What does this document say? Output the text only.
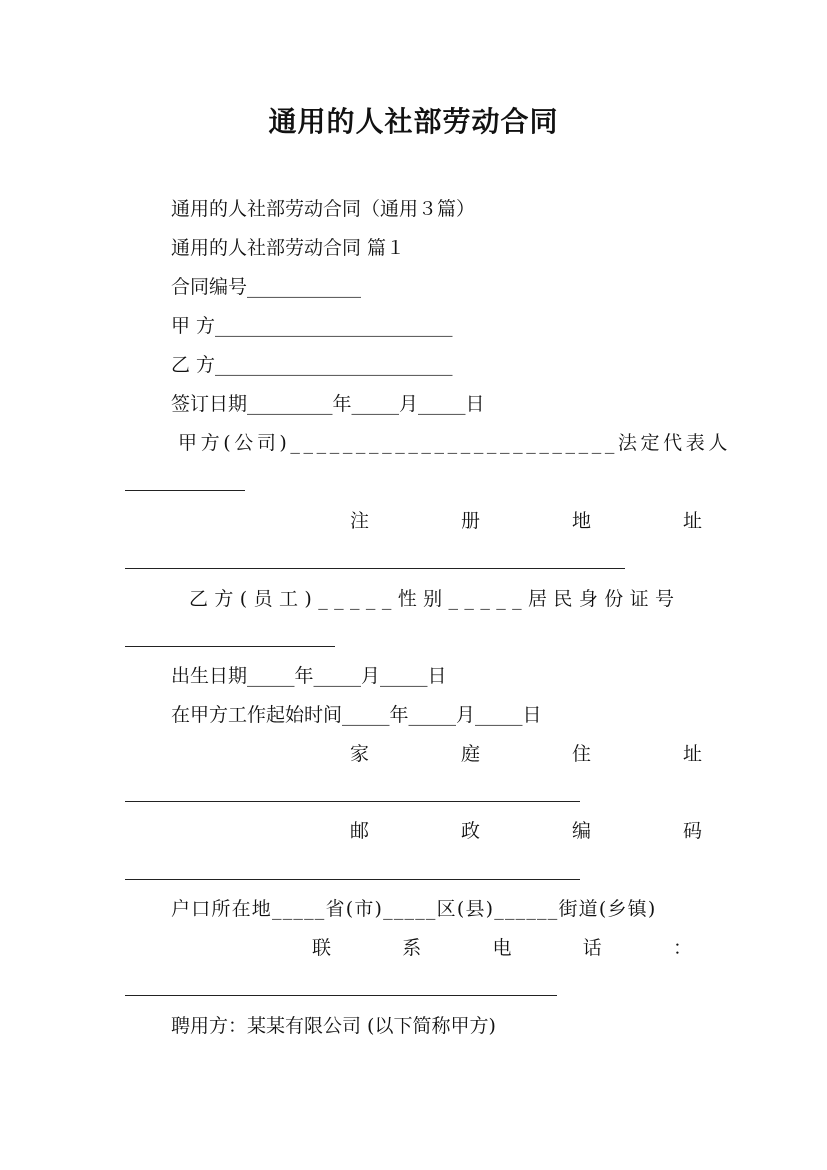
通用的人社部劳动合同
通用的人社部劳动合同（通用３篇）
通用的人社部劳动合同 篇１
合同编号____________
甲 方_________________________
乙 方_________________________
签订日期_________年_____月_____日
甲方(公司)_________________________法定代表人
注	册	地	址
乙方(员工)_____性别_____居民身份证号
出生日期_____年_____月_____日
在甲方工作起始时间_____年_____月_____日
家	庭	住	址
邮	政	编	码
户口所在地_____省(市)_____区(县)______街道(乡镇)
联	系	电	话	：
聘用方：某某有限公司 (以下简称甲方)
